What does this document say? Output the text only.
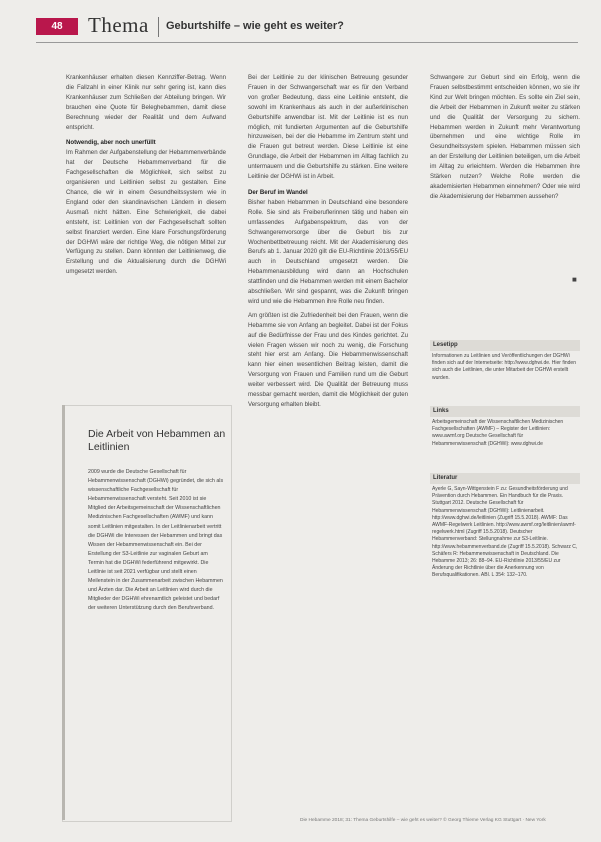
48	Thema Geburtshilfe – wie geht es weiter?

Krankenhäuser erhalten diesen Kennziffer-Betrag. Wenn die Fallzahl in einer Klinik nur sehr gering ist, kann dies Krankenhäuser zum Schließen der Abteilung bringen. Wir brauchen eine Quote für Beleghebammen, damit diese Berechnung wieder der Realität und dem Aufwand entspricht.

Notwendig, aber noch unerfüllt

Im Rahmen der Aufgabenstellung der Hebammenverbände hat der Deutsche Hebammenverband für die Fachgesellschaften die Möglichkeit, sich selbst zu organisieren und Leitlinien selbst zu gestalten. Eine Chance, die wir in einem Gesundheitssystem wie in England oder den skandinavischen Ländern in diesem Ausmaß nicht hätten. Eine Schwierigkeit, die dabei entsteht, ist: Leitlinien von der Fachgesellschaft sollten selbst finanziert werden. Eine klare Forschungsförderung der DGHWi wäre der richtige Weg, die nötigen Mittel zur Verfügung zu stellen. Dann könnten der Leitlinienweg, die Erstellung und die Aktualisierung durch die DGHWi umgesetzt werden.

Bei der Leitlinie zu der klinischen Betreuung gesunder Frauen in der Schwangerschaft war es für den Verband von großer Bedeutung, dass eine Leitlinie entsteht, die sowohl im Krankenhaus als auch in der außerklinischen Geburtshilfe anwendbar ist. Mit der Leitlinie ist es nun möglich, mit fundierten Argumenten auf die Geburtshilfe hinzuweisen, bei der die Hebamme im Zentrum steht und die Frauen gut betreut werden. Diese Leitlinie ist eine Grundlage, die Arbeit der Hebammen im Alltag fachlich zu untermauern und die Geburtshilfe zu stärken. Eine weitere Leitlinie der DGHWi ist in Arbeit.

Der Beruf im Wandel

Bisher haben Hebammen in Deutschland eine besondere Rolle. Sie sind als Freiberuflerinnen tätig und haben ein umfassendes Aufgabenspektrum, das von der Schwangerenvorsorge über die Geburt bis zur Wochenbettbetreuung reicht. Mit der Akademisierung des Berufs ab 1. Januar 2020 gilt die EU-Richtlinie 2013/55/EU auch in Deutschland umgesetzt werden. Die Hebammenausbildung wird dann an Hochschulen stattfinden und die Hebammen werden mit einem Bachelor abschließen. Wir sind gespannt, was die Zukunft bringen wird und wie die Hebammen ihre Rolle neu finden.

Am größten ist die Zufriedenheit bei den Frauen, wenn die Hebamme sie von Anfang an begleitet. Dabei ist der Fokus auf die Bedürfnisse der Frau und des Kindes gerichtet. Zu vielen Fragen wissen wir noch zu wenig, die Forschung steht hier erst am Anfang. Die Hebammenwissenschaft kann hier einen wesentlichen Beitrag leisten, damit die Versorgung von Frauen und Familien rund um die Geburt weiter verbessert wird. Die Qualität der Betreuung muss messbar gemacht werden, damit die Möglichkeit der guten Versorgung erhalten bleibt.

Schwangere zur Geburt sind ein Erfolg, wenn die Frauen selbstbestimmt entscheiden können, wo sie ihr Kind zur Welt bringen möchten. Es sollte ein Ziel sein, die Arbeit der Hebammen in Zukunft weiter zu stärken und die Qualität der Versorgung zu sichern. Hebammen werden in Zukunft mehr Verantwortung übernehmen und eine wichtige Rolle im Gesundheitssystem spielen. Hebammen müssen sich an der Erstellung der Leitlinien beteiligen, um die Arbeit im Alltag zu erleichtern. Werden die Hebammen ihre Stärken nutzen? Welche Rolle werden die akademisierten Hebammen einnehmen? Oder wie wird die Akademisierung der Hebammen aussehen?

■
Die Arbeit von Hebammen an Leitlinien
2009 wurde die Deutsche Gesellschaft für Hebammenwissenschaft (DGHWi) gegründet, die sich als wissenschaftliche Fachgesellschaft für Hebammenwissenschaft versteht. Seit 2010 ist sie Mitglied der Arbeitsgemeinschaft der Wissenschaftlichen Medizinischen Fachgesellschaften (AWMF) und kann somit Leitlinien mitgestalten. In der Leitlinienarbeit vertritt die DGHWi die Interessen der Hebammen und bringt das Wissen der Hebammenwissenschaft ein. Bei der Erstellung der S3-Leitlinie zur vaginalen Geburt am Termin hat die DGHWi federführend mitgewirkt. Die Leitlinie ist seit 2021 verfügbar und stellt einen Meilenstein in der Zusammenarbeit zwischen Hebammen und Ärzten dar. Die Arbeit an Leitlinien wird durch die Mitglieder der DGHWi ehrenamtlich geleistet und bedarf der weiteren Unterstützung durch den Berufsverband.
Lesetipp
Informationen zu Leitlinien und Veröffentlichungen der DGHWi finden sich auf der Internetseite: http://www.dghwi.de. Hier finden sich auch die Leitlinien, die unter Mitarbeit der DGHWi erstellt wurden.
Links
Arbeitsgemeinschaft der Wissenschaftlichen Medizinischen Fachgesellschaften (AWMF) – Register der Leitlinien: www.awmf.org Deutsche Gesellschaft für Hebammenwissenschaft (DGHWi): www.dghwi.de
Literatur
Ayerle G, Sayn-Wittgenstein F zu: Gesundheitsförderung und Prävention durch Hebammen. Ein Handbuch für die Praxis. Stuttgart 2012. Deutsche Gesellschaft für Hebammenwissenschaft (DGHWi): Leitlinienarbeit. http://www.dghwi.de/leitlinien (Zugriff 15.5.2018). AWMF: Das AWMF-Regelwerk Leitlinien. http://www.awmf.org/leitlinien/awmf-regelwerk.html (Zugriff 15.5.2018). Deutscher Hebammenverband: Stellungnahme zur S3-Leitlinie. http://www.hebammenverband.de (Zugriff 15.5.2018). Schwarz C, Schäfers R: Hebammenwissenschaft in Deutschland. Die Hebamme 2013; 26: 88–94. EU-Richtlinie 2013/55/EU zur Änderung der Richtlinie über die Anerkennung von Berufsqualifikationen. ABl. L 354: 132–170.
Die Hebamme 2018; 31: Thema Geburtshilfe – wie geht es weiter? © Georg Thieme Verlag KG Stuttgart · New York
